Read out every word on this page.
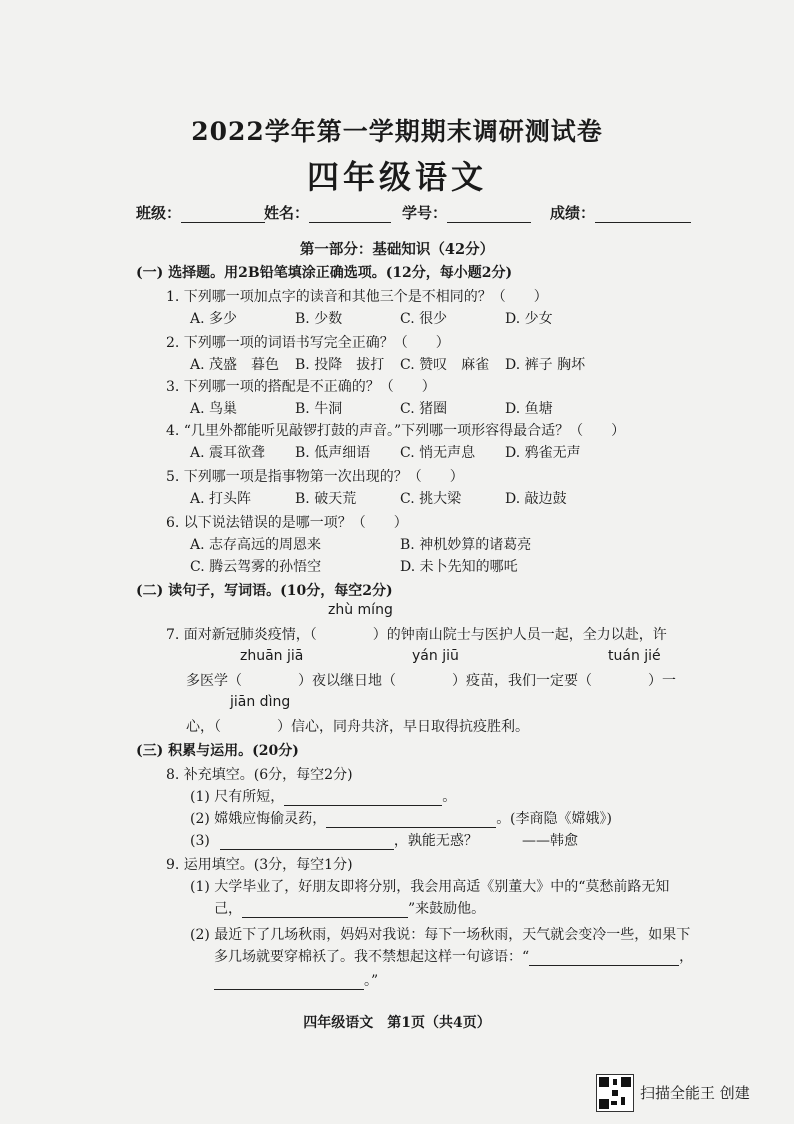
2022学年第一学期期末调研测试卷
四年级语文
班级：	姓名：	学号：	成绩：
第一部分：基础知识（42分）
(一) 选择题。用2B铅笔填涂正确选项。(12分，每小题2分)
1. 下列哪一项加点字的读音和其他三个是不相同的？（　　）
A. 多少	B. 少数	C. 很少	D. 少女
2. 下列哪一项的词语书写完全正确？（　　）
A. 茂盛　暮色 B. 投降　拔打 C. 赞叹　麻雀 D. 裤子 胸坏
3. 下列哪一项的搭配是不正确的？（　　）
A. 鸟巢	B. 牛洞	C. 猪圈	D. 鱼塘
4. “几里外都能听见敲锣打鼓的声音。”下列哪一项形容得最合适？（　　）
A. 震耳欲聋 B. 低声细语 C. 悄无声息 D. 鸦雀无声
5. 下列哪一项是指事物第一次出现的？（　　）
A. 打头阵	B. 破天荒	C. 挑大梁	D. 敲边鼓
6. 以下说法错误的是哪一项？（　　）
A. 志存高远的周恩来	B. 神机妙算的诸葛亮
C. 腾云驾雾的孙悟空	D. 未卜先知的哪吒
(二) 读句子，写词语。(10分，每空2分)
zhù míng
7. 面对新冠肺炎疫情，（　　　　）的钟南山院士与医护人员一起，全力以赴，许
zhuān jiā	yán jiū	tuán jié
多医学（　　　　）夜以继日地（　　　　）疫苗，我们一定要（　　　　）一
jiān dìng
心，（　　　　）信心，同舟共济，早日取得抗疫胜利。
(三) 积累与运用。(20分)
8. 补充填空。(6分，每空2分)
(1) 尺有所短，	。
(2) 嫦娥应悔偷灵药，	。 (李商隐《嫦娥》)
(3)	，孰能无惑？	——韩愈
9. 运用填空。(3分，每空1分)
(1) 大学毕业了，好朋友即将分别，我会用高适《别董大》中的“莫愁前路无知
己，	”来鼓励他。
(2) 最近下了几场秋雨，妈妈对我说：每下一场秋雨，天气就会变冷一些，如果下
多几场就要穿棉袄了。我不禁想起这样一句谚语：“	，
。”
四年级语文　第1页（共4页）
扫描全能王 创建
